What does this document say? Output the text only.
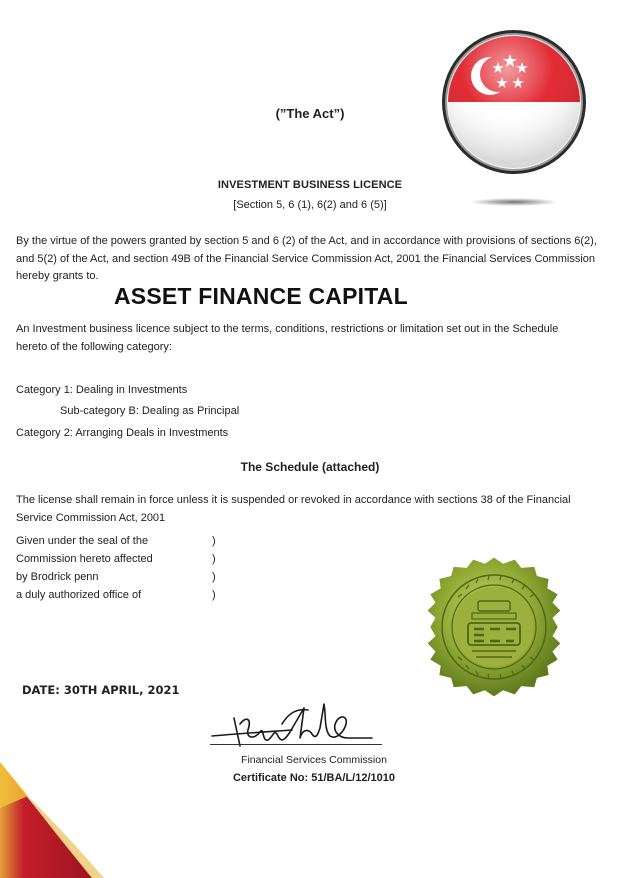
(”The Act”)
INVESTMENT BUSINESS LICENCE
[Section 5, 6 (1), 6(2) and 6 (5)]
By the virtue of the powers granted by section 5 and 6 (2) of the Act, and in accordance with provisions of sections 6(2), and 5(2) of the Act, and section 49B of the Financial Service Commission Act, 2001 the Financial Services Commission hereby grants to.
ASSET FINANCE CAPITAL
An Investment business licence subject to the terms, conditions, restrictions or limitation set out in the Schedule hereto of the following category:
Category 1: Dealing in Investments
Sub-category B: Dealing as Principal
Category 2: Arranging Deals in Investments
The Schedule (attached)
The license shall remain in force unless it is suspended or revoked in accordance with sections 38 of the Financial Service Commission Act, 2001
Given under the seal of the	)
Commission hereto affected	)
by Brodrick penn	)
a duly authorized office of	)
DATE: 30TH APRIL, 2021
Financial Services Commission
Certificate No: 51/BA/L/12/1010
